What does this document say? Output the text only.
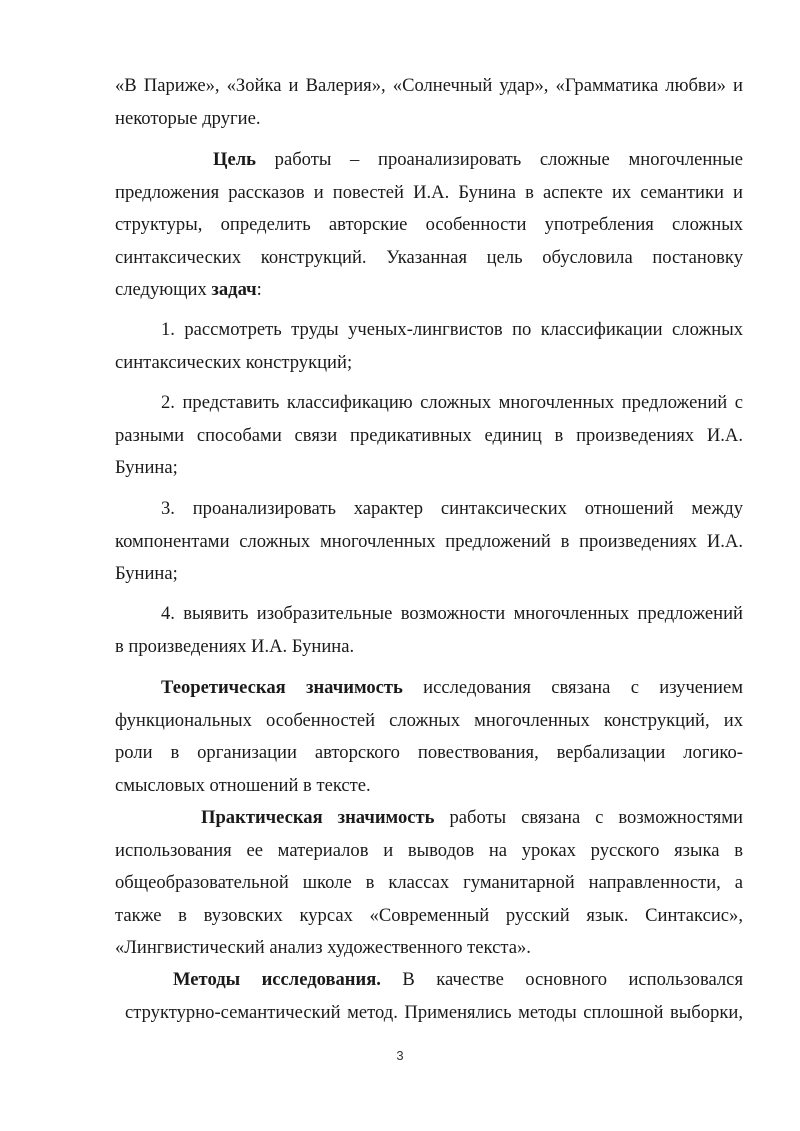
«В Париже», «Зойка и Валерия», «Солнечный удар», «Грамматика любви» и
некоторые другие.
Цель работы – проанализировать сложные многочленные
предложения рассказов и повестей И.А. Бунина в аспекте их семантики и
структуры, определить авторские особенности употребления сложных
синтаксических конструкций. Указанная цель обусловила постановку
следующих задач:
1. рассмотреть труды ученых-лингвистов по классификации сложных
синтаксических конструкций;
2. представить классификацию сложных многочленных предложений с
разными способами связи предикативных единиц в произведениях И.А.
Бунина;
3. проанализировать характер синтаксических отношений между
компонентами сложных многочленных предложений в произведениях И.А.
Бунина;
4. выявить изобразительные возможности многочленных предложений
в произведениях И.А. Бунина.
Теоретическая значимость исследования связана с изучением
функциональных особенностей сложных многочленных конструкций, их
роли в организации авторского повествования, вербализации логико-
смысловых отношений в тексте.
Практическая значимость работы связана с возможностями
использования ее материалов и выводов на уроках русского языка в
общеобразовательной школе в классах гуманитарной направленности, а
также в вузовских курсах «Современный русский язык. Синтаксис»,
«Лингвистический анализ художественного текста».
Методы исследования. В качестве основного использовался
структурно-семантический метод. Применялись методы сплошной выборки,
3
